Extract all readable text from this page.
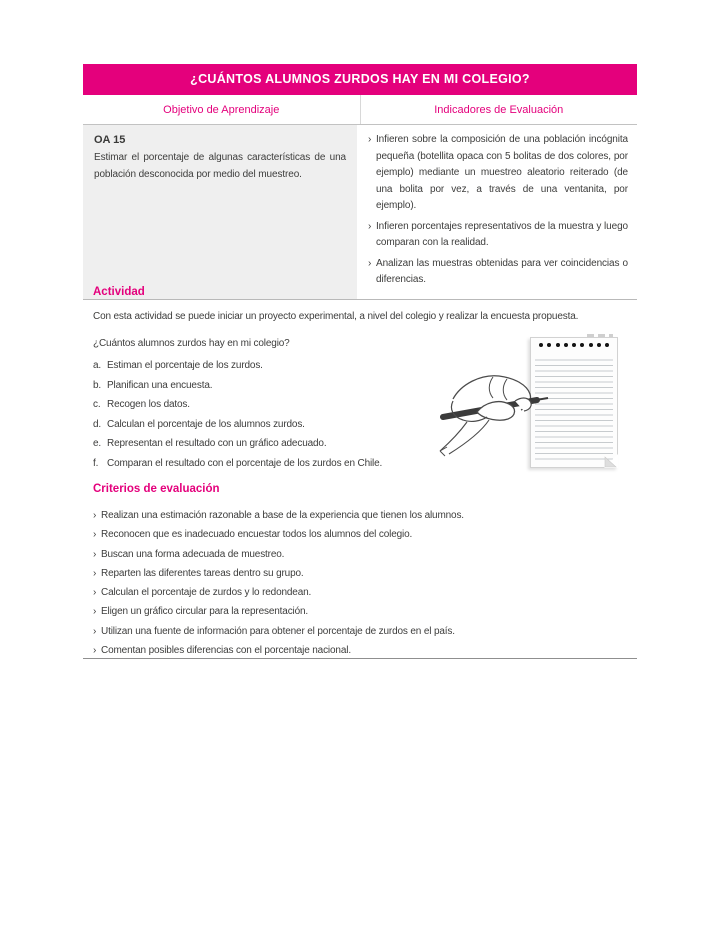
¿CUÁNTOS ALUMNOS ZURDOS HAY EN MI COLEGIO?
Objetivo de Aprendizaje	Indicadores de Evaluación
OA 15
Estimar el porcentaje de algunas características de una población desconocida por medio del muestreo.
› Infieren sobre la composición de una población incógnita pequeña (botellita opaca con 5 bolitas de dos colores, por ejemplo) mediante un muestreo aleatorio reiterado (de una bolita por vez, a través de una ventanita, por ejemplo).
› Infieren porcentajes representativos de la muestra y luego comparan con la realidad.
› Analizan las muestras obtenidas para ver coincidencias o diferencias.
Actividad

Con esta actividad se puede iniciar un proyecto experimental, a nivel del colegio y realizar la encuesta propuesta.

¿Cuántos alumnos zurdos hay en mi colegio?

a. Estiman el porcentaje de los zurdos.
b. Planifican una encuesta.
c. Recogen los datos.
d. Calculan el porcentaje de los alumnos zurdos.
e. Representan el resultado con un gráfico adecuado.
f. Comparan el resultado con el porcentaje de los zurdos en Chile.
Criterios de evaluación
› Realizan una estimación razonable a base de la experiencia que tienen los alumnos.
› Reconocen que es inadecuado encuestar todos los alumnos del colegio.
› Buscan una forma adecuada de muestreo.
› Reparten las diferentes tareas dentro su grupo.
› Calculan el porcentaje de zurdos y lo redondean.
› Eligen un gráfico circular para la representación.
› Utilizan una fuente de información para obtener el porcentaje de zurdos en el país.
› Comentan posibles diferencias con el porcentaje nacional.
